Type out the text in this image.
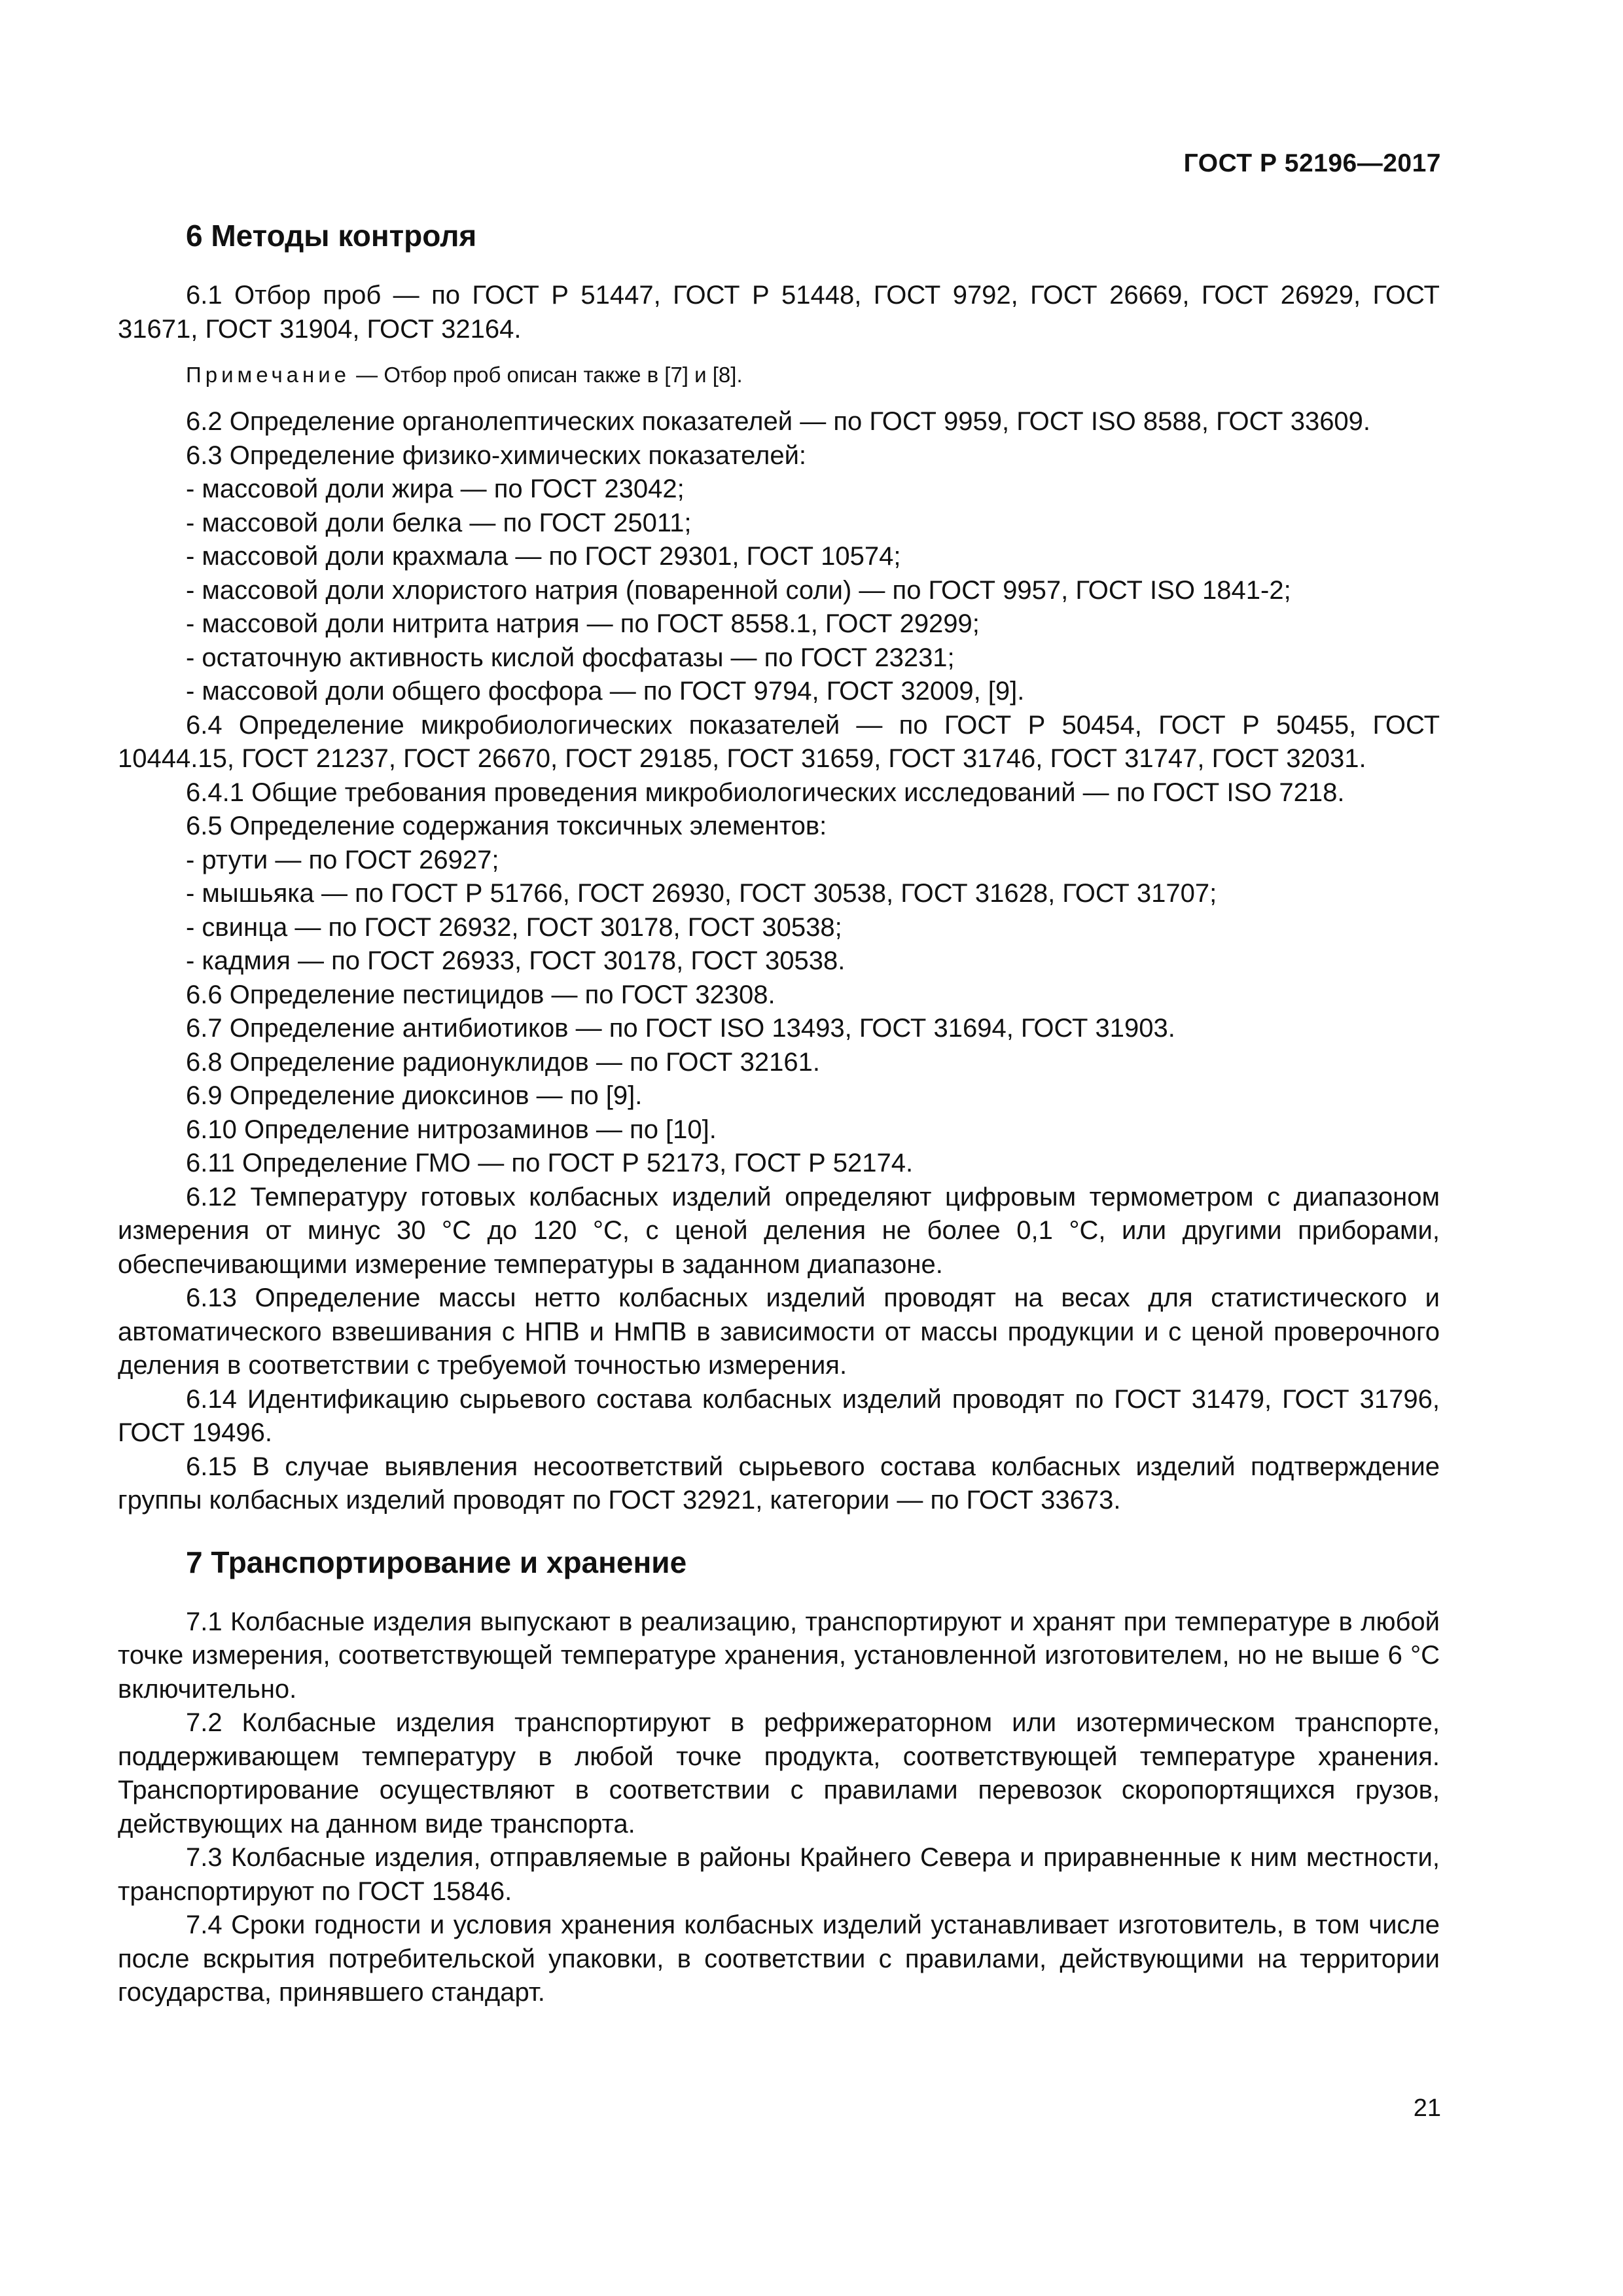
ГОСТ Р 52196—2017
6 Методы контроля

6.1 Отбор проб — по ГОСТ Р 51447, ГОСТ Р 51448, ГОСТ 9792, ГОСТ 26669, ГОСТ 26929, ГОСТ 31671, ГОСТ 31904, ГОСТ 32164.

Примечание — Отбор проб описан также в [7] и [8].

6.2 Определение органолептических показателей — по ГОСТ 9959, ГОСТ ISO 8588, ГОСТ 33609.

6.3 Определение физико-химических показателей:

- массовой доли жира — по ГОСТ 23042;

- массовой доли белка — по ГОСТ 25011;

- массовой доли крахмала — по ГОСТ 29301, ГОСТ 10574;

- массовой доли хлористого натрия (поваренной соли) — по ГОСТ 9957, ГОСТ ISO 1841-2;

- массовой доли нитрита натрия — по ГОСТ 8558.1, ГОСТ 29299;

- остаточную активность кислой фосфатазы — по ГОСТ 23231;

- массовой доли общего фосфора — по ГОСТ 9794, ГОСТ 32009, [9].

6.4 Определение микробиологических показателей — по ГОСТ Р 50454, ГОСТ Р 50455, ГОСТ 10444.15, ГОСТ 21237, ГОСТ 26670, ГОСТ 29185, ГОСТ 31659, ГОСТ 31746, ГОСТ 31747, ГОСТ 32031.

6.4.1 Общие требования проведения микробиологических исследований — по ГОСТ ISO 7218.

6.5 Определение содержания токсичных элементов:

- ртути — по ГОСТ 26927;

- мышьяка — по ГОСТ Р 51766, ГОСТ 26930, ГОСТ 30538, ГОСТ 31628, ГОСТ 31707;

- свинца — по ГОСТ 26932, ГОСТ 30178, ГОСТ 30538;

- кадмия — по ГОСТ 26933, ГОСТ 30178, ГОСТ 30538.

6.6 Определение пестицидов — по ГОСТ 32308.

6.7 Определение антибиотиков — по ГОСТ ISO 13493, ГОСТ 31694, ГОСТ 31903.

6.8 Определение радионуклидов — по ГОСТ 32161.

6.9 Определение диоксинов — по [9].

6.10 Определение нитрозаминов — по [10].

6.11 Определение ГМО — по ГОСТ Р 52173, ГОСТ Р 52174.

6.12 Температуру готовых колбасных изделий определяют цифровым термометром с диапазоном измерения от минус 30 °С до 120 °С, с ценой деления не более 0,1 °С, или другими приборами, обеспечивающими измерение температуры в заданном диапазоне.

6.13 Определение массы нетто колбасных изделий проводят на весах для статистического и автоматического взвешивания с НПВ и НмПВ в зависимости от массы продукции и с ценой проверочного деления в соответствии с требуемой точностью измерения.

6.14 Идентификацию сырьевого состава колбасных изделий проводят по ГОСТ 31479, ГОСТ 31796, ГОСТ 19496.

6.15 В случае выявления несоответствий сырьевого состава колбасных изделий подтверждение группы колбасных изделий проводят по ГОСТ 32921, категории — по ГОСТ 33673.

7 Транспортирование и хранение

7.1 Колбасные изделия выпускают в реализацию, транспортируют и хранят при температуре в любой точке измерения, соответствующей температуре хранения, установленной изготовителем, но не выше 6 °С включительно.

7.2 Колбасные изделия транспортируют в рефрижераторном или изотермическом транспорте, поддерживающем температуру в любой точке продукта, соответствующей температуре хранения. Транспортирование осуществляют в соответствии с правилами перевозок скоропортящихся грузов, действующих на данном виде транспорта.

7.3 Колбасные изделия, отправляемые в районы Крайнего Севера и приравненные к ним местности, транспортируют по ГОСТ 15846.

7.4 Сроки годности и условия хранения колбасных изделий устанавливает изготовитель, в том числе после вскрытия потребительской упаковки, в соответствии с правилами, действующими на территории государства, принявшего стандарт.

21
